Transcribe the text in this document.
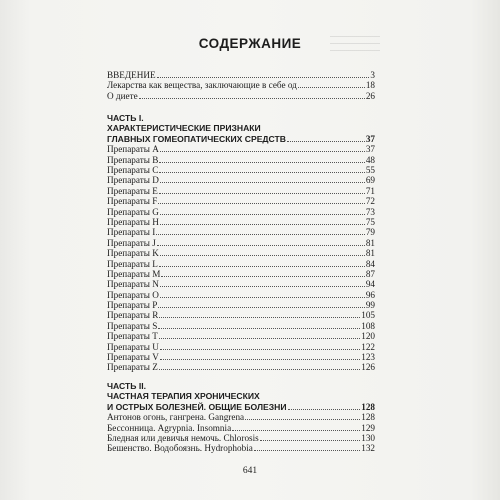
СОДЕРЖАНИЕ
ВВЕДЕНИЕ	3
Лекарства как вещества, заключающие в себе од	18
О диете	26
ЧАСТЬ I.
ХАРАКТЕРИСТИЧЕСКИЕ ПРИЗНАКИ
ГЛАВНЫХ ГОМЕОПАТИЧЕСКИХ СРЕДСТВ	37
Препараты A	37
Препараты B	48
Препараты C	55
Препараты D	69
Препараты E	71
Препараты F	72
Препараты G	73
Препараты H	75
Препараты I	79
Препараты J	81
Препараты K	81
Препараты L	84
Препараты M	87
Препараты N	94
Препараты O	96
Препараты P	99
Препараты R	105
Препараты S	108
Препараты T	120
Препараты U	122
Препараты V	123
Препараты Z	126
ЧАСТЬ II.
ЧАСТНАЯ ТЕРАПИЯ ХРОНИЧЕСКИХ
И ОСТРЫХ БОЛЕЗНЕЙ. ОБЩИЕ БОЛЕЗНИ	128
Антонов огонь, гангрена. Gangrena	128
Бессонница. Agrypnia. Insomnia	129
Бледная или девичья немочь. Chlorosis	130
Бешенство. Водобоязнь. Hydrophobia	132
641
